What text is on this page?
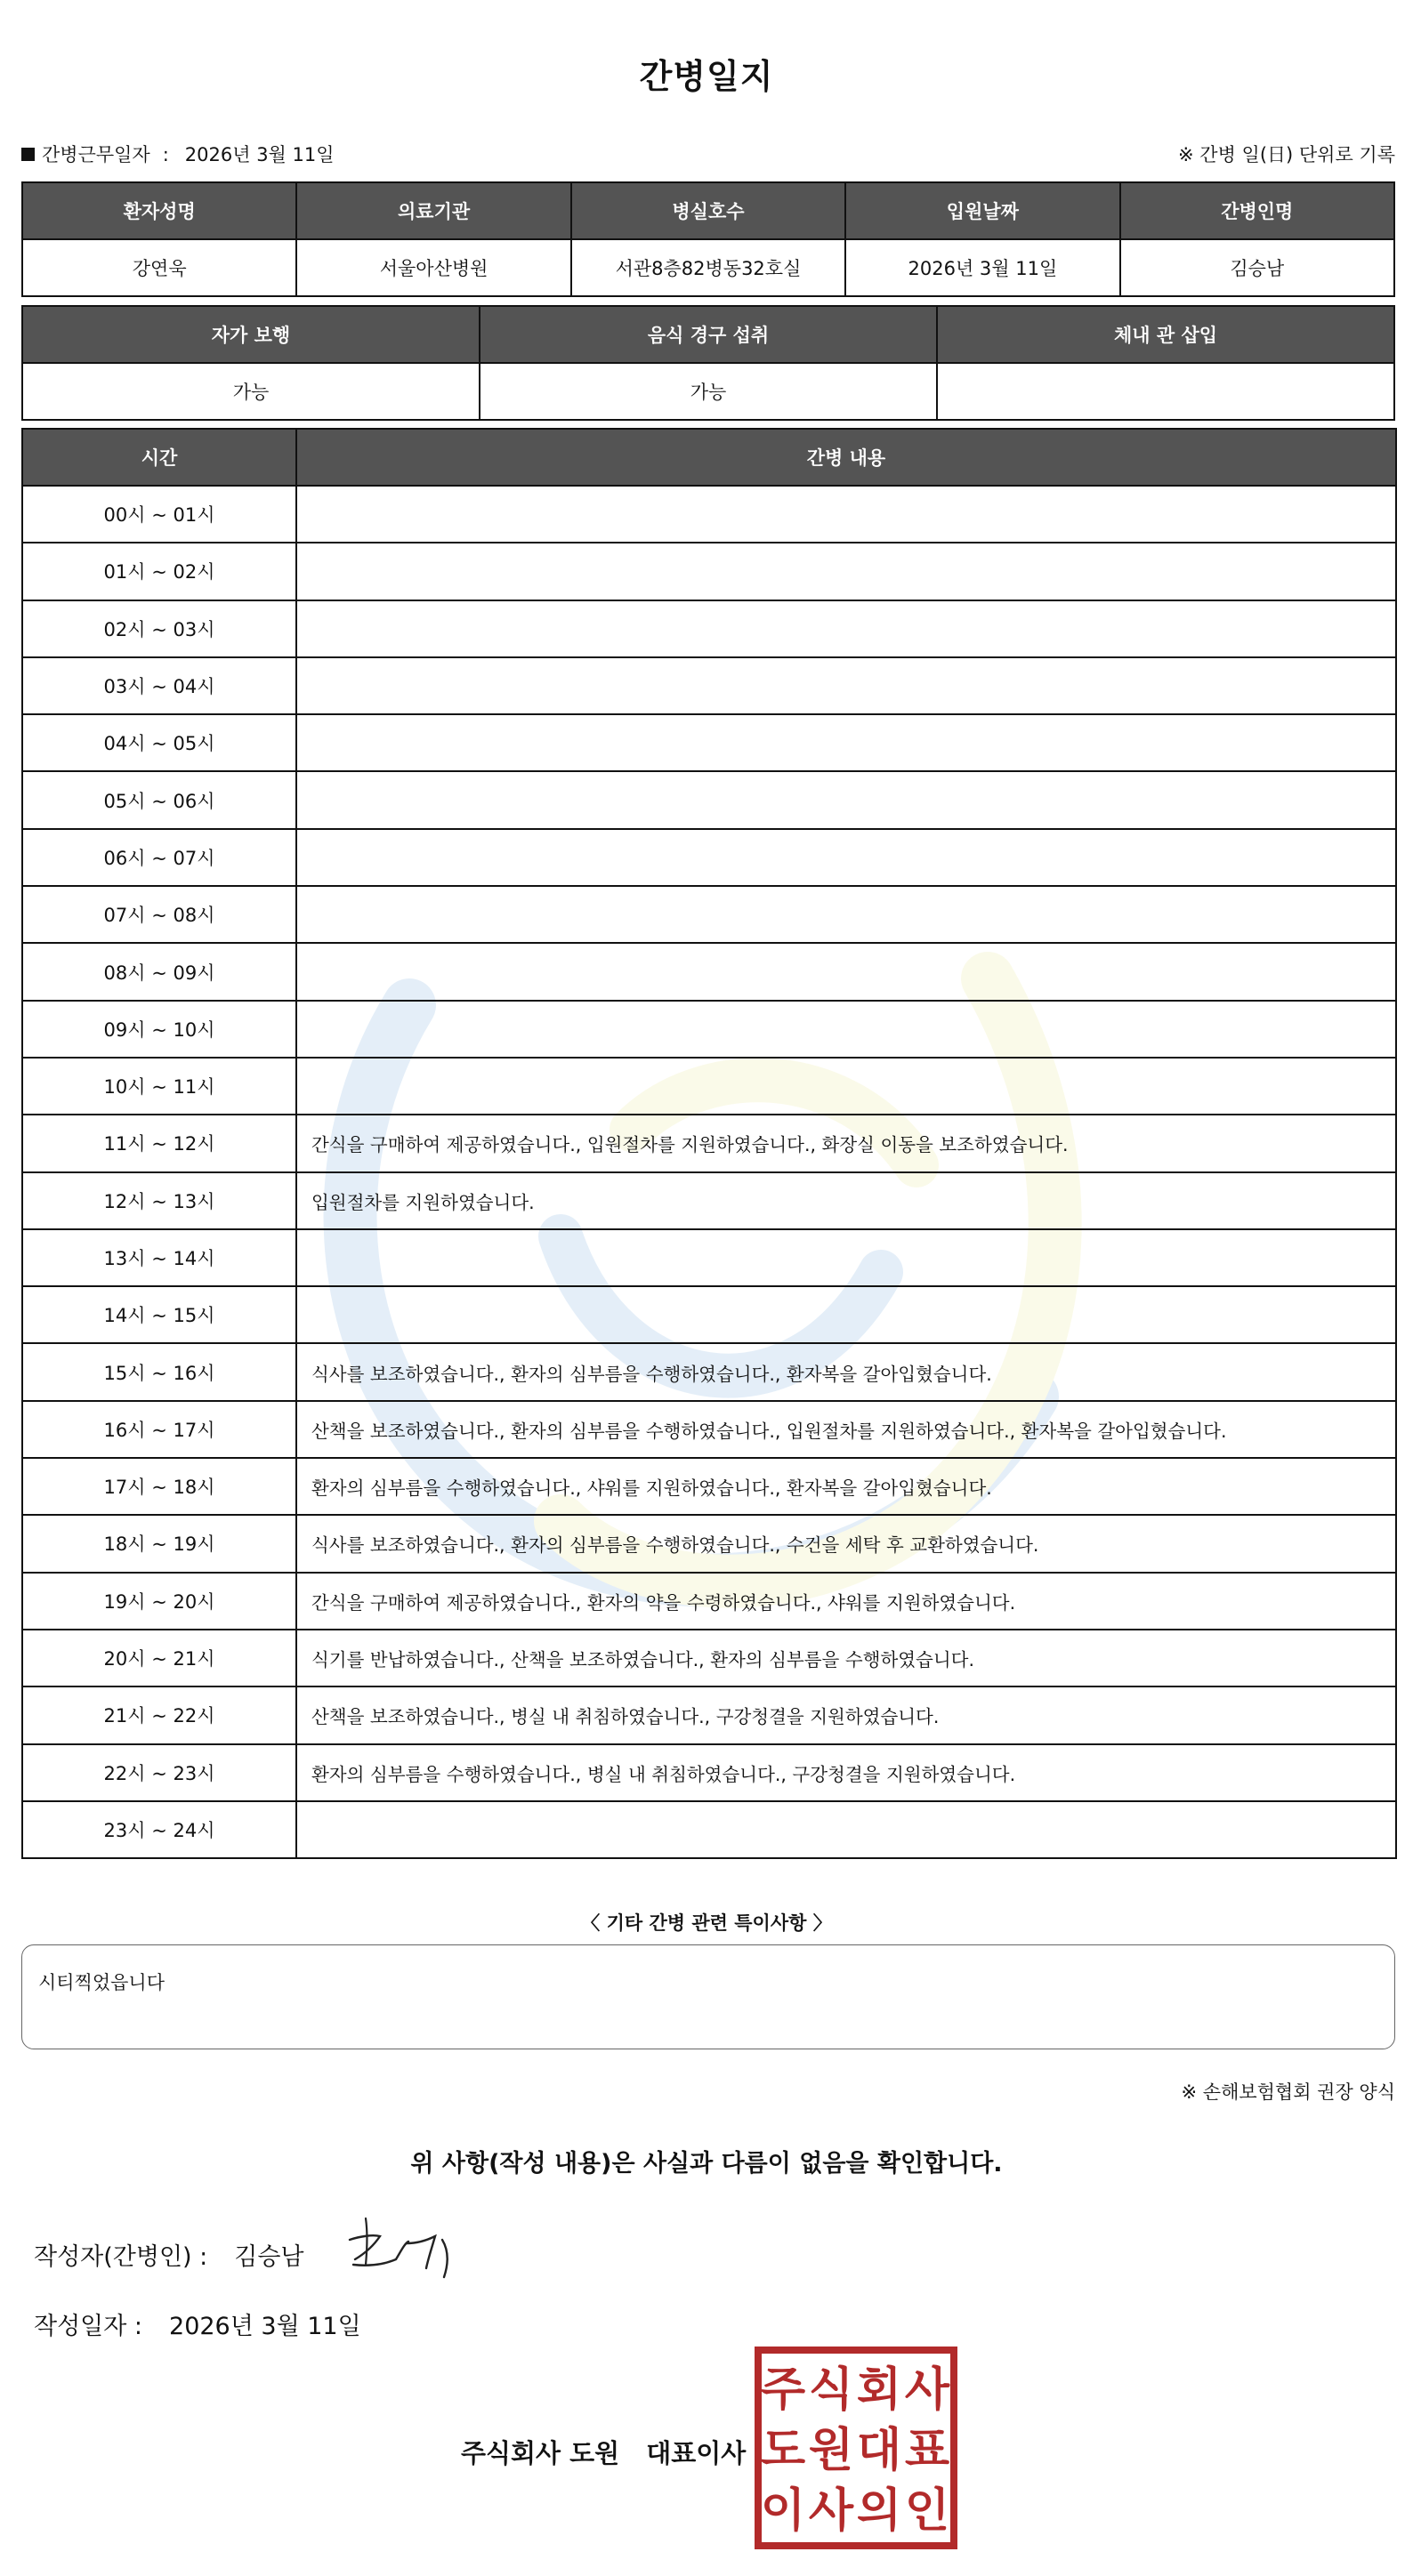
간병일지
간병근무일자 : 2026년 3월 11일	※ 간병 일(日) 단위로 기록
환자성명	의료기관	병실호수	입원날짜	간병인명
강연욱	서울아산병원	서관8층82병동32호실	2026년 3월 11일	김승남
자가 보행	음식 경구 섭취	체내 관 삽입
가능	가능	
시간	간병 내용
00시 ~ 01시	
01시 ~ 02시	
02시 ~ 03시	
03시 ~ 04시	
04시 ~ 05시	
05시 ~ 06시	
06시 ~ 07시	
07시 ~ 08시	
08시 ~ 09시	
09시 ~ 10시	
10시 ~ 11시	
11시 ~ 12시	간식을 구매하여 제공하였습니다., 입원절차를 지원하였습니다., 화장실 이동을 보조하였습니다.
12시 ~ 13시	입원절차를 지원하였습니다.
13시 ~ 14시	
14시 ~ 15시	
15시 ~ 16시	식사를 보조하였습니다., 환자의 심부름을 수행하였습니다., 환자복을 갈아입혔습니다.
16시 ~ 17시	산책을 보조하였습니다., 환자의 심부름을 수행하였습니다., 입원절차를 지원하였습니다., 환자복을 갈아입혔습니다.
17시 ~ 18시	환자의 심부름을 수행하였습니다., 샤워를 지원하였습니다., 환자복을 갈아입혔습니다.
18시 ~ 19시	식사를 보조하였습니다., 환자의 심부름을 수행하였습니다., 수건을 세탁 후 교환하였습니다.
19시 ~ 20시	간식을 구매하여 제공하였습니다., 환자의 약을 수령하였습니다., 샤워를 지원하였습니다.
20시 ~ 21시	식기를 반납하였습니다., 산책을 보조하였습니다., 환자의 심부름을 수행하였습니다.
21시 ~ 22시	산책을 보조하였습니다., 병실 내 취침하였습니다., 구강청결을 지원하였습니다.
22시 ~ 23시	환자의 심부름을 수행하였습니다., 병실 내 취침하였습니다., 구강청결을 지원하였습니다.
23시 ~ 24시	
〈 기타 간병 관련 특이사항 〉
시티찍었읍니다
※ 손해보험협회 권장 양식
위 사항(작성 내용)은 사실과 다름이 없음을 확인합니다.
작성자(간병인) : 김승남
작성일자 : 2026년 3월 11일
주식회사 도원 대표이사
주 식 회 사
도 원 대 표
이 사 의 인
